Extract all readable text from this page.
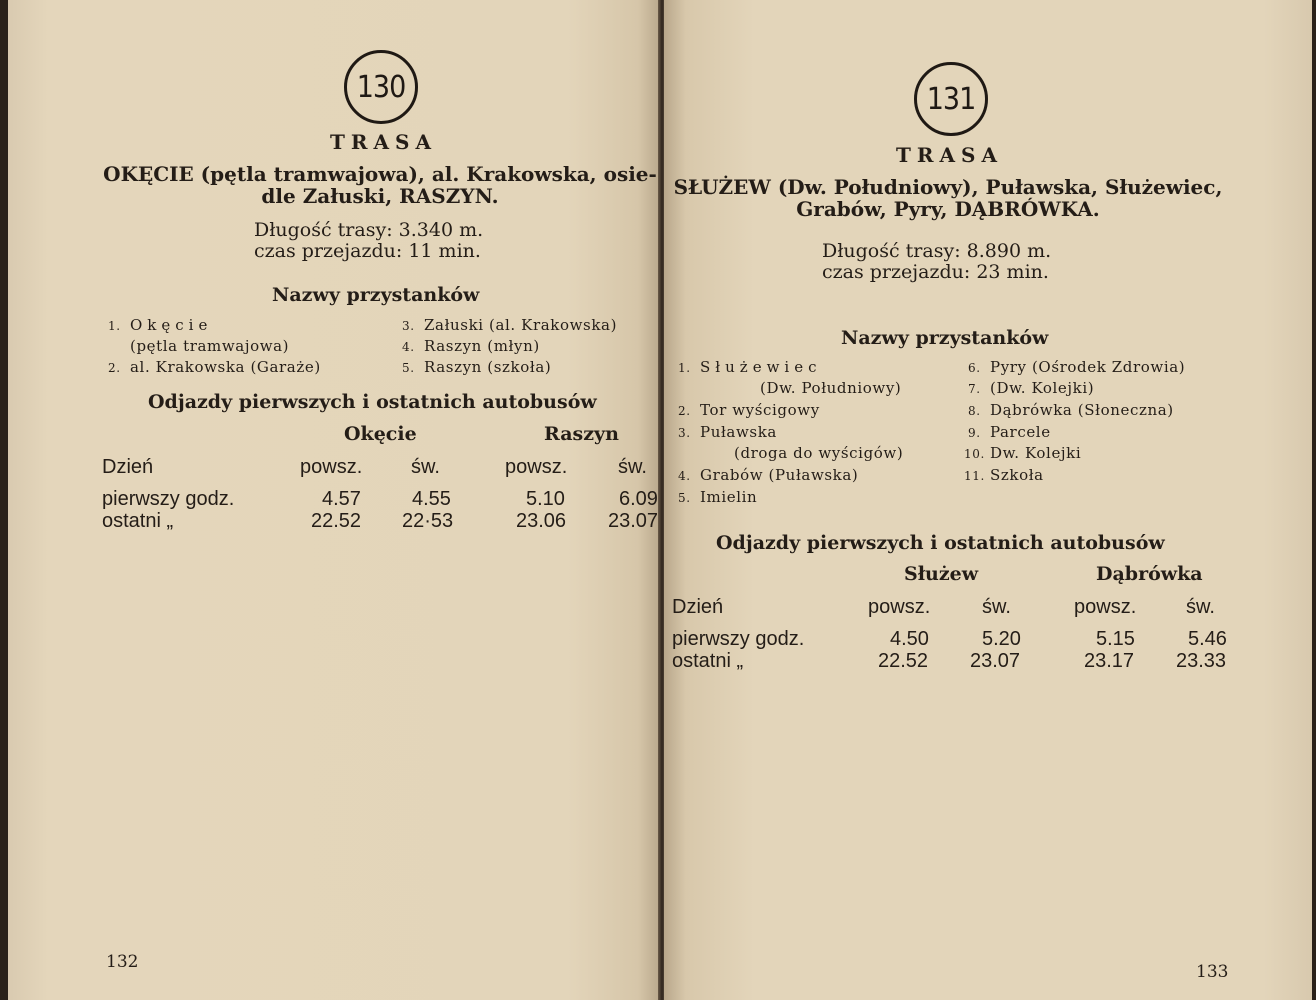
130
TRASA
OKĘCIE (pętla tramwajowa), al. Krakowska, osie-
dle Załuski, RASZYN.
Długość trasy: 3.340 m.
czas przejazdu: 11 min.
Nazwy przystanków
1. Okęcie
(pętla tramwajowa)
2. al. Krakowska (Garaże)
3. Załuski (al. Krakowska)
4. Raszyn (młyn)
5. Raszyn (szkoła)
Odjazdy pierwszych i ostatnich autobusów
Okęcie	Raszyn
Dzień	powsz. św.	powsz.	św.
pierwszy godz.	4.57	4.55	5.10	6.09
ostatni „	22.52 22·53	23.06 23.07
132
131
TRASA
SŁUŻEW (Dw. Południowy), Puławska, Służewiec,
Grabów, Pyry, DĄBRÓWKA.
Długość trasy: 8.890 m.
czas przejazdu: 23 min.
Nazwy przystanków
1. Służewiec
(Dw. Południowy)
2. Tor wyścigowy
3. Puławska
(droga do wyścigów)
4. Grabów (Puławska)
5. Imielin
6. Pyry (Ośrodek Zdrowia)
7. (Dw. Kolejki)
8. Dąbrówka (Słoneczna)
9. Parcele
10. Dw. Kolejki
11. Szkoła
Odjazdy pierwszych i ostatnich autobusów
Służew	Dąbrówka
Dzień	powsz.	św.	powsz. św.
pierwszy godz.	4.50	5.20	5.15	5.46
ostatni „	22.52 23.07	23.17 23.33
133
